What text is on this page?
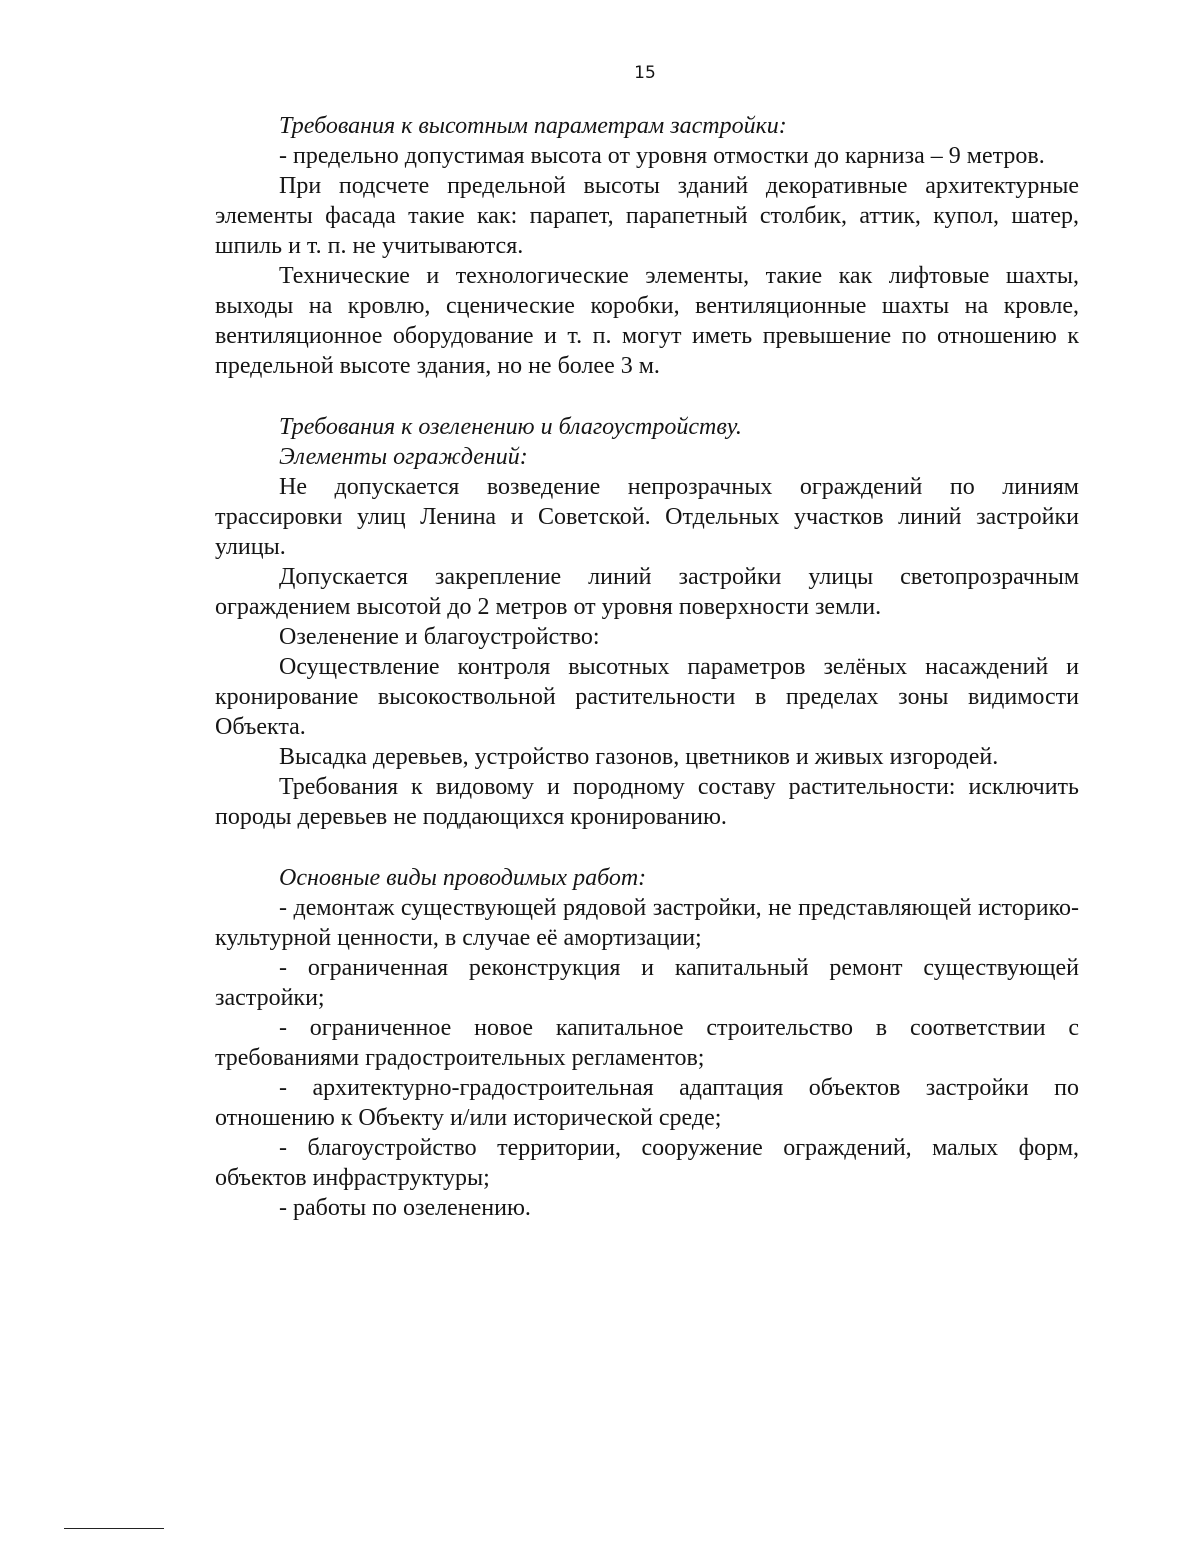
15

Требования к высотным параметрам застройки:

- предельно допустимая высота от уровня отмостки до карниза – 9 метров.

При подсчете предельной высоты зданий декоративные архитектурные элементы фасада такие как: парапет, парапетный столбик, аттик, купол, шатер, шпиль и т. п. не учитываются.

Технические и технологические элементы, такие как лифтовые шахты, выходы на кровлю, сценические коробки, вентиляционные шахты на кровле, вентиляционное оборудование и т. п. могут иметь превышение по отношению к предельной высоте здания, но не более 3 м.

Требования к озеленению и благоустройству.

Элементы ограждений:

Не допускается возведение непрозрачных ограждений по линиям трассировки улиц Ленина и Советской. Отдельных участков линий застройки улицы.

Допускается закрепление линий застройки улицы светопрозрачным ограждением высотой до 2 метров от уровня поверхности земли.

Озеленение и благоустройство:

Осуществление контроля высотных параметров зелёных насаждений и кронирование высокоствольной растительности в пределах зоны видимости Объекта.

Высадка деревьев, устройство газонов, цветников и живых изгородей.

Требования к видовому и породному составу растительности: исключить породы деревьев не поддающихся кронированию.

Основные виды проводимых работ:

- демонтаж существующей рядовой застройки, не представляющей историко-культурной ценности, в случае её амортизации;

- ограниченная реконструкция и капитальный ремонт существующей застройки;

- ограниченное новое капитальное строительство в соответствии с требованиями градостроительных регламентов;

- архитектурно-градостроительная адаптация объектов застройки по отношению к Объекту и/или исторической среде;

- благоустройство территории, сооружение ограждений, малых форм, объектов инфраструктуры;

- работы по озеленению.
